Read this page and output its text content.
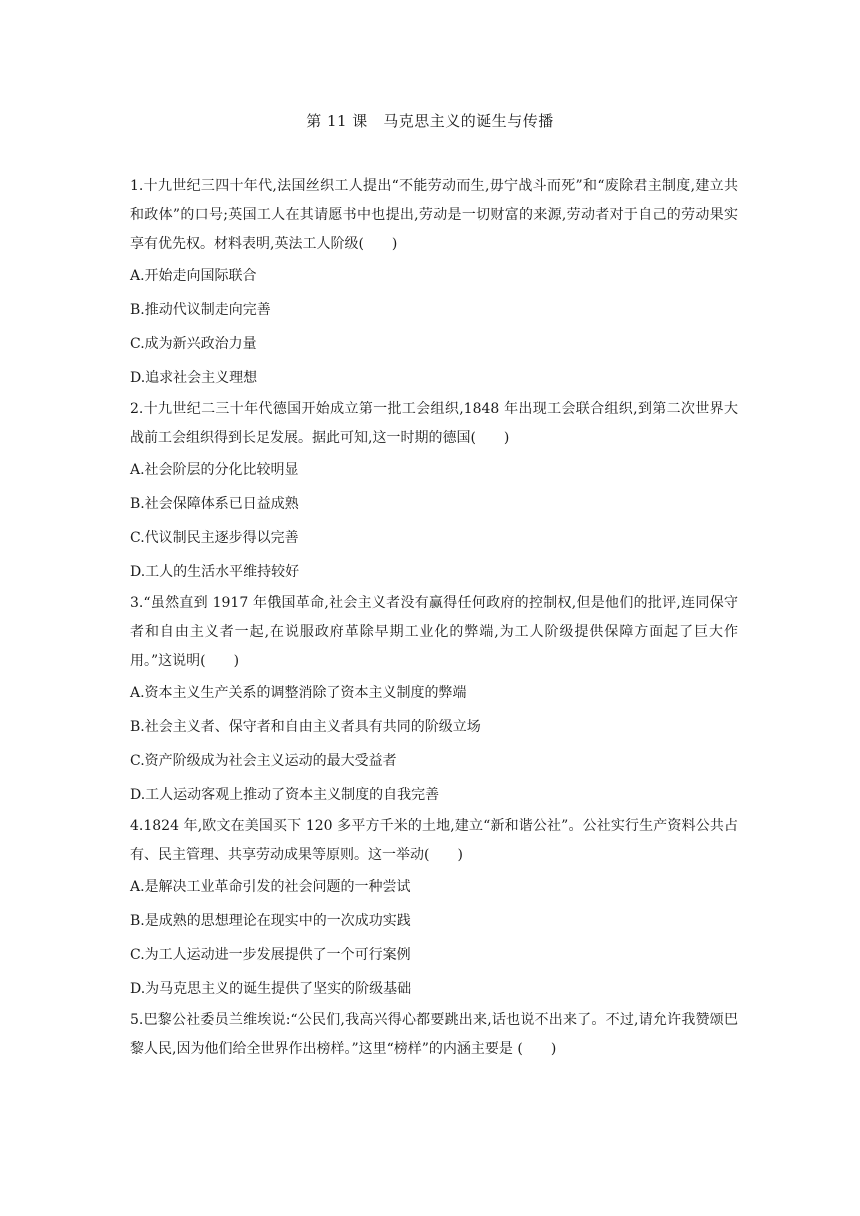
第 11 课　马克思主义的诞生与传播

1.十九世纪三四十年代,法国丝织工人提出“不能劳动而生,毋宁战斗而死”和“废除君主制度,建立共和政体”的口号;英国工人在其请愿书中也提出,劳动是一切财富的来源,劳动者对于自己的劳动果实享有优先权。材料表明,英法工人阶级(　　)

A.开始走向国际联合

B.推动代议制走向完善

C.成为新兴政治力量

D.追求社会主义理想

2.十九世纪二三十年代德国开始成立第一批工会组织,1848 年出现工会联合组织,到第二次世界大战前工会组织得到长足发展。据此可知,这一时期的德国(　　)

A.社会阶层的分化比较明显

B.社会保障体系已日益成熟

C.代议制民主逐步得以完善

D.工人的生活水平维持较好

3.“虽然直到 1917 年俄国革命,社会主义者没有赢得任何政府的控制权,但是他们的批评,连同保守者和自由主义者一起,在说服政府革除早期工业化的弊端,为工人阶级提供保障方面起了巨大作用。”这说明(　　)

A.资本主义生产关系的调整消除了资本主义制度的弊端

B.社会主义者、保守者和自由主义者具有共同的阶级立场

C.资产阶级成为社会主义运动的最大受益者

D.工人运动客观上推动了资本主义制度的自我完善

4.1824 年,欧文在美国买下 120 多平方千米的土地,建立“新和谐公社”。公社实行生产资料公共占有、民主管理、共享劳动成果等原则。这一举动(　　)

A.是解决工业革命引发的社会问题的一种尝试

B.是成熟的思想理论在现实中的一次成功实践

C.为工人运动进一步发展提供了一个可行案例

D.为马克思主义的诞生提供了坚实的阶级基础

5.巴黎公社委员兰维埃说:“公民们,我高兴得心都要跳出来,话也说不出来了。不过,请允许我赞颂巴黎人民,因为他们给全世界作出榜样。”这里“榜样”的内涵主要是 (　　)
